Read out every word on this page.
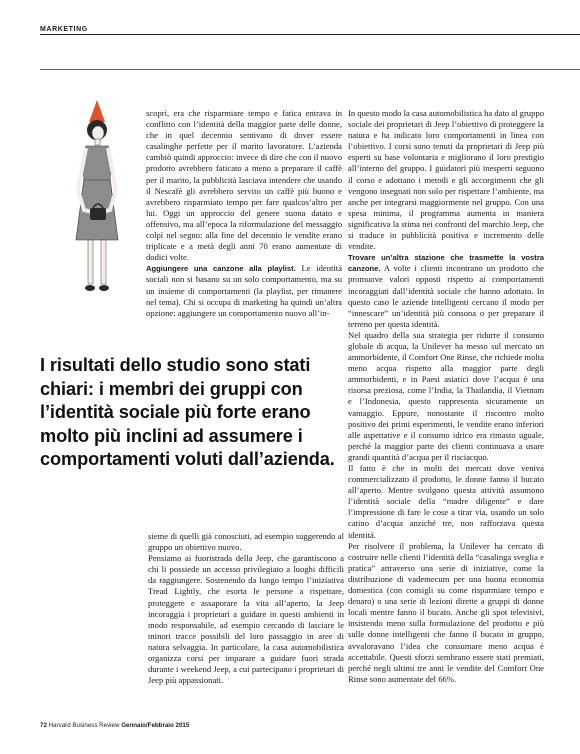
MARKETING

scoprì, era che risparmiare tempo e fatica entrava in conflitto con l’identità della maggior parte delle donne, che in quel decennio sentivano di dover essere casalinghe perfette per il marito lavoratore. L’azienda cambiò quindi approccio: invece di dire che con il nuovo prodotto avrebbero faticato a meno a preparare il caffè per il marito, la pubblicità lasciava intendere che usando il Nescafè gli avrebbero servito un caffè più buono e avrebbero risparmiato tempo per fare qualcos’altro per lui. Oggi un approccio del genere suona datato e offensivo, ma all’epoca la riformulazione del messaggio colpì nel segno: alla fine del decennio le vendite erano triplicate e a metà degli anni 70 erano aumentate di dodici volte.

Aggiungere una canzone alla playlist. Le identità sociali non si basano su un solo comportamento, ma su un insieme di comportamenti (la playlist, per rimanere nel tema). Chi si occupa di marketing ha quindi un’altra opzione: aggiungere un comportamento nuovo all’in-

I risultati dello studio sono stati chiari: i membri dei gruppi con l’identità sociale più forte erano molto più inclini ad assumere i comportamenti voluti dall’azienda.

sieme di quelli già conosciuti, ad esempio suggerendo al gruppo un obiettivo nuovo.

Pensiamo ai fuoristrada della Jeep, che garantiscono a chi li possiede un accesso privilegiato a luoghi difficili da raggiungere. Sostenendo da lungo tempo l’iniziativa Tread Lightly, che esorta le persone a rispettare, proteggere e assaporare la vita all’aperto, la Jeep incoraggia i proprietari a guidare in questi ambienti in modo responsabile, ad esempio cercando di lasciare le minori tracce possibili del loro passaggio in aree di natura selvaggia. In particolare, la casa automobilistica organizza corsi per imparare a guidare fuori strada durante i weekend Jeep, a cui partecipano i proprietari di Jeep più appassionati.

In questo modo la casa automobilistica ha dato al gruppo sociale dei proprietari di Jeep l’obiettivo di proteggere la natura e ha indicato loro comportamenti in linea con l’obiettivo. I corsi sono tenuti da proprietari di Jeep più esperti su base volontaria e migliorano il loro prestigio all’interno del gruppo. I guidatori più inesperti seguono il corso e adottano i metodi e gli accorgimenti che gli vengono insegnati non solo per rispettare l’ambiente, ma anche per integrarsi maggiormente nel gruppo. Con una spesa minima, il programma aumenta in maniera significativa la stima nei confronti del marchio Jeep, che si traduce in pubblicità positiva e incremento delle vendite.

Trovare un’altra stazione che trasmette la vostra canzone. A volte i clienti incontrano un prodotto che promuove valori opposti rispetto ai comportamenti incoraggiati dall’identità sociale che hanno adottato. In questo caso le aziende intelligenti cercano il modo per “innescare” un’identità più consona o per preparare il terreno per questa identità.

Nel quadro della sua strategia per ridurre il consumo globale di acqua, la Unilever ha messo sul mercato un ammorbidente, il Comfort One Rinse, che richiede molta meno acqua rispetto alla maggior parte degli ammorbidenti, e in Paesi asiatici dove l’acqua è una risorsa preziosa, come l’India, la Thailandia, il Vietnam e l’Indonesia, questo rappresenta sicuramente un vantaggio. Eppure, nonostante il riscontro molto positivo dei primi esperimenti, le vendite erano inferiori alle aspettative e il consumo idrico era rimasto uguale, perché la maggior parte dei clienti continuava a usare grandi quantità d’acqua per il risciacquo.

Il fatto è che in molti dei mercati dove veniva commercializzato il prodotto, le donne fanno il bucato all’aperto. Mentre svolgono questa attività assumono l’identità sociale della “madre diligente” e dare l’impressione di fare le cose a tirar via, usando un solo catino d’acqua anziché tre, non rafforzava questa identità.

Per risolvere il problema, la Unilever ha cercato di costruire nelle clienti l’identità della “casalinga sveglia e pratica” attraverso una serie di iniziative, come la distribuzione di vademecum per una buona economia domestica (con consigli su come risparmiare tempo e denaro) o una serie di lezioni dirette a gruppi di donne locali mentre fanno il bucato. Anche gli spot televisivi, insistendo meno sulla formulazione del prodotto e più sulle donne intelligenti che fanno il bucato in gruppo, avvaloravano l’idea che consumare meno acqua è accettabile. Questi sforzi sembrano essere stati premiati, perché negli ultimi tre anni le vendite del Comfort One Rinse sono aumentate del 66%.

72 Harvard Business Review Gennaio/Febbraio 2015
